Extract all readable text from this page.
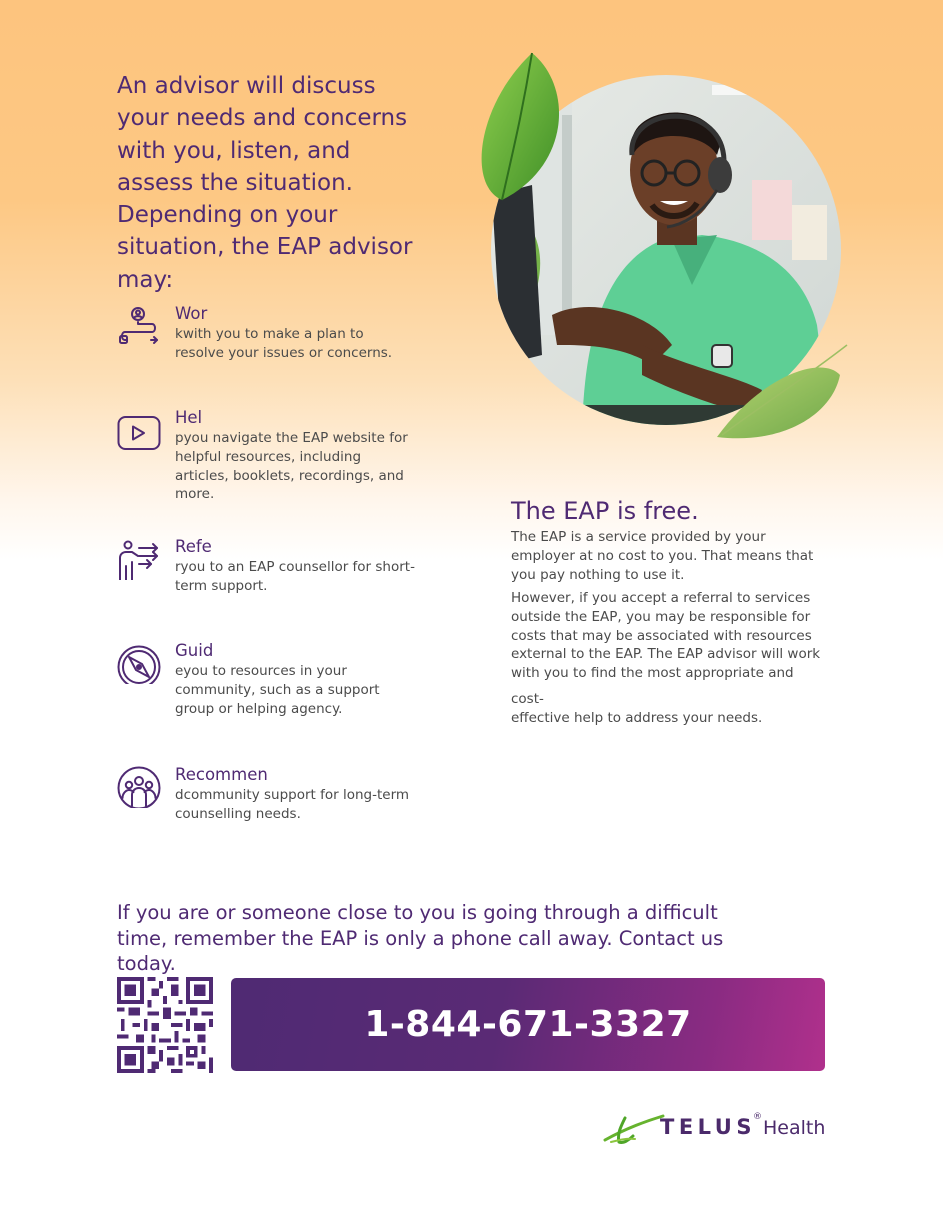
An advisor will discuss your needs and concerns with you, listen, and assess the situation. Depending on your situation, the EAP advisor may:
Wor
kwith you to make a plan to resolve your issues or concerns.
Hel
pyou navigate the EAP website for helpful resources, including articles, booklets, recordings, and more.
Refe
ryou to an EAP counsellor for short-term support.
Guid
eyou to resources in your community, such as a support group or helping agency.
Recommen
dcommunity support for long-term counselling needs.
The EAP is free.
The EAP is a service provided by your employer at no cost to you. That means that you pay nothing to use it.
However, if you accept a referral to services outside the EAP, you may be responsible for costs that may be associated with resources external to the EAP. The EAP advisor will work with you to find the most appropriate and
cost-
effective help to address your needs.
If you are or someone close to you is going through a difficult time, remember the EAP is only a phone call away. Contact us today.
1-844-671-3327
TELUS
® Health
